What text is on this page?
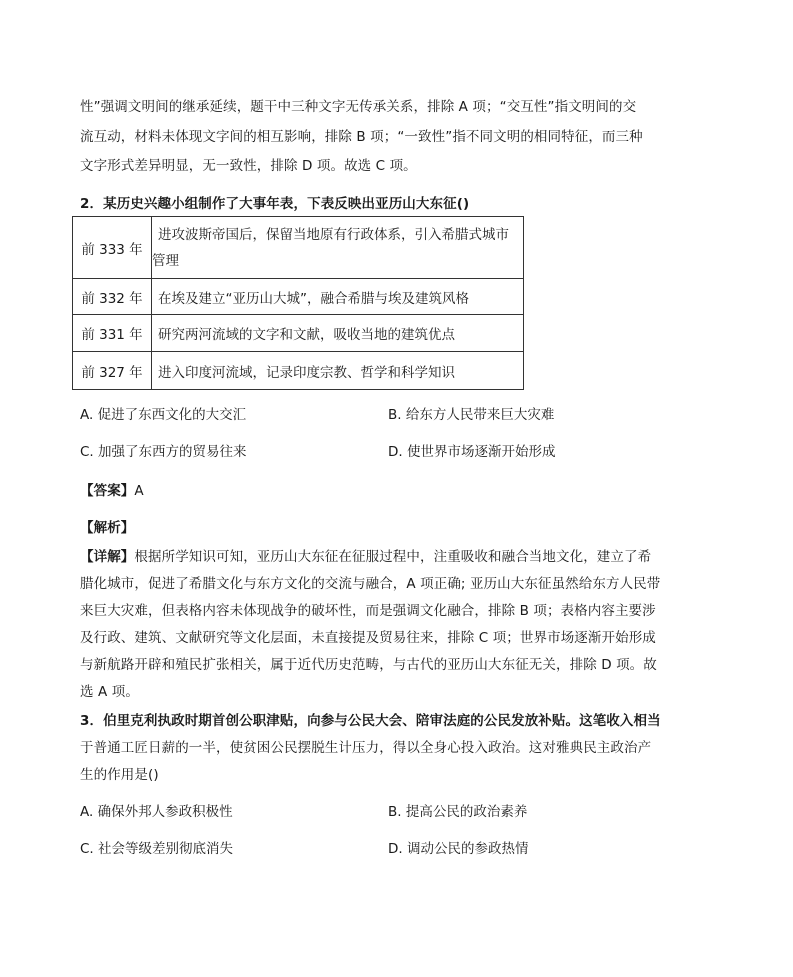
性”强调文明间的继承延续，题干中三种文字无传承关系，排除 A 项；“交互性”指文明间的交
流互动，材料未体现文字间的相互影响，排除 B 项；“一致性”指不同文明的相同特征，而三种
文字形式差异明显，无一致性，排除 D 项。故选 C 项。
2．某历史兴趣小组制作了大事年表，下表反映出亚历山大东征()
前 333 年	进攻波斯帝国后，保留当地原有行政体系，引入希腊式城市
管理

前 332 年	在埃及建立“亚历山大城”，融合希腊与埃及建筑风格
前 331 年	研究两河流域的文字和文献，吸收当地的建筑优点
前 327 年	进入印度河流域，记录印度宗教、哲学和科学知识
A. 促进了东西文化的大交汇	B. 给东方人民带来巨大灾难
C. 加强了东西方的贸易往来	D. 使世界市场逐渐开始形成
【答案】A
【解析】
【详解】根据所学知识可知，亚历山大东征在征服过程中，注重吸收和融合当地文化，建立了希
腊化城市，促进了希腊文化与东方文化的交流与融合，A 项正确; 亚历山大东征虽然给东方人民带
来巨大灾难，但表格内容未体现战争的破坏性，而是强调文化融合，排除 B 项；表格内容主要涉
及行政、建筑、文献研究等文化层面，未直接提及贸易往来，排除 C 项；世界市场逐渐开始形成
与新航路开辟和殖民扩张相关，属于近代历史范畴，与古代的亚历山大东征无关，排除 D 项。故
选 A 项。
3．伯里克利执政时期首创公职津贴，向参与公民大会、陪审法庭的公民发放补贴。这笔收入相当
于普通工匠日薪的一半，使贫困公民摆脱生计压力，得以全身心投入政治。这对雅典民主政治产
生的作用是()
A. 确保外邦人参政积极性	B. 提高公民的政治素养
C. 社会等级差别彻底消失	D. 调动公民的参政热情
